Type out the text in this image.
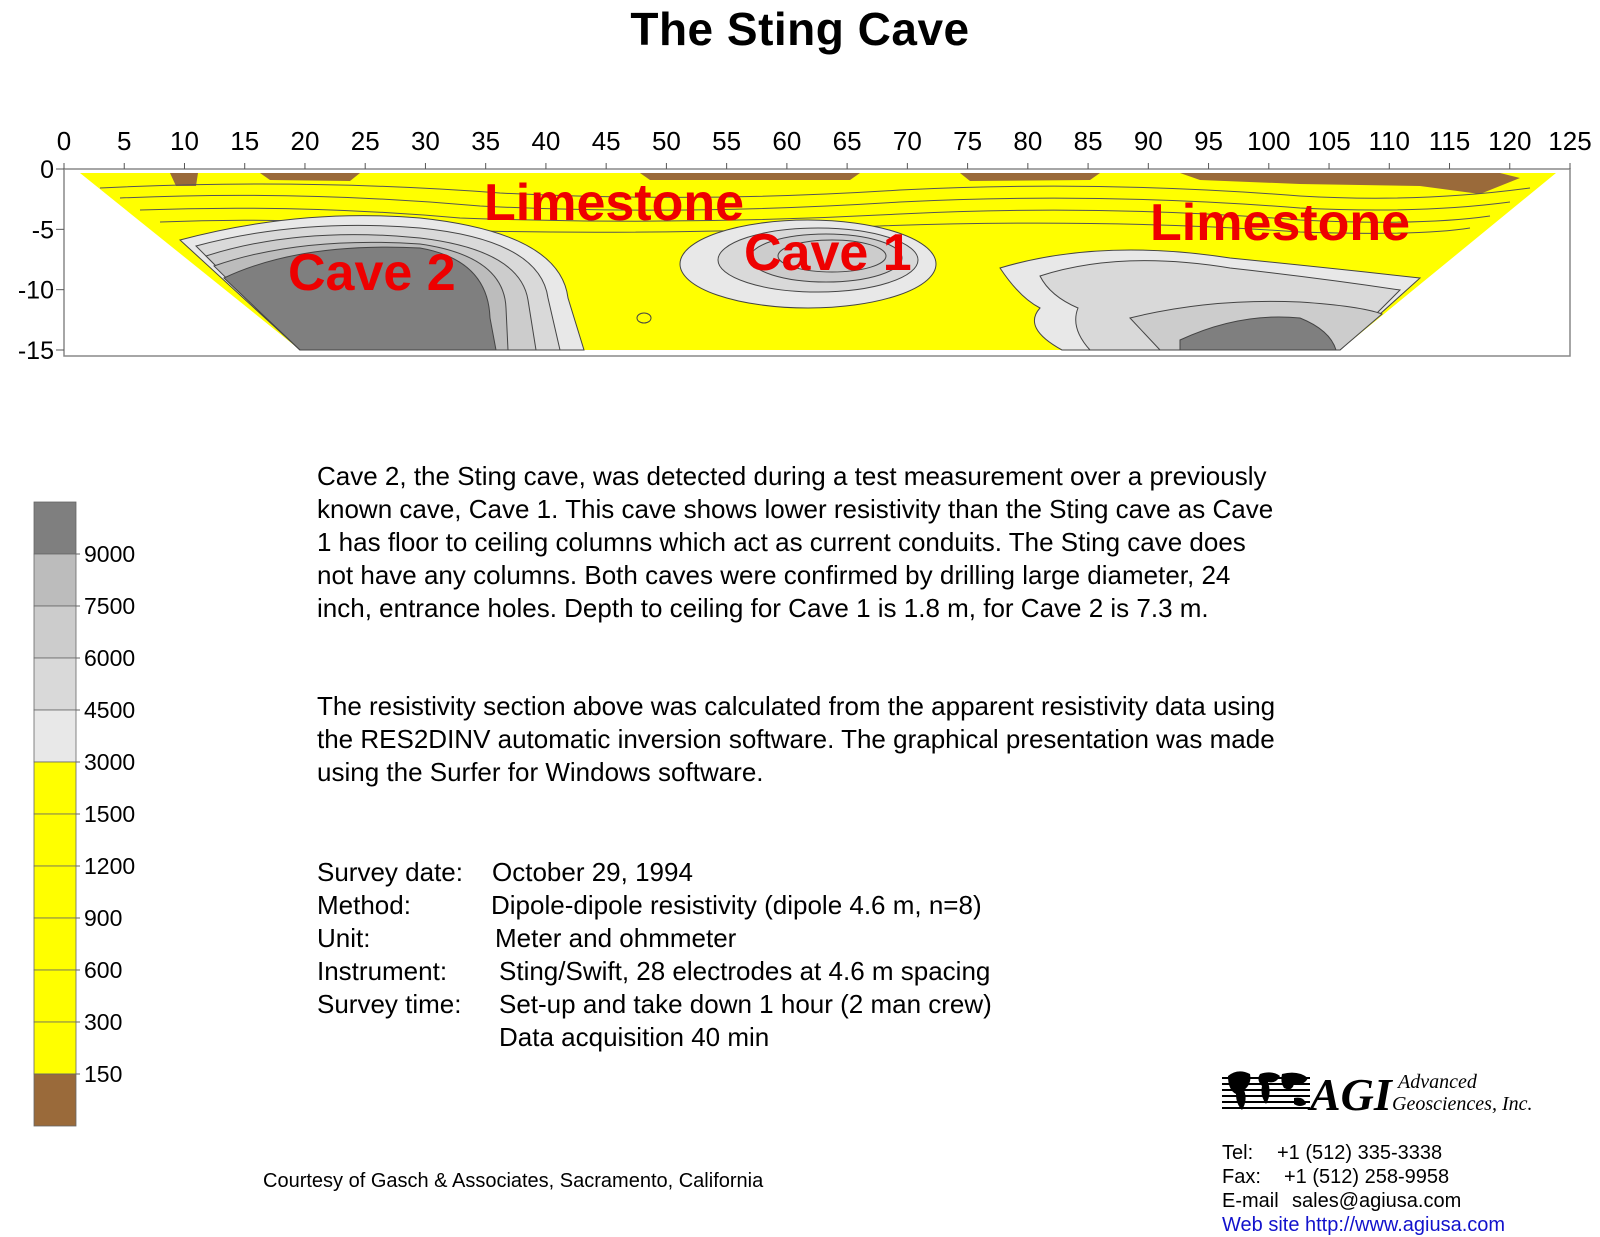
The Sting Cave
0 5 10 15 20 25 30 35 40 45 50 55 60 65 70 75 80 85 90 95 100 105 110 115 120 125
0
-5
-10
-15
Limestone	Limestone
Cave 1
Cave 2
9000
7500
6000
4500
3000
1500
1200
900
600
300
150

Cave 2, the Sting cave, was detected during a test measurement over a previously known cave, Cave 1. This cave shows lower resistivity than the Sting cave as Cave 1 has floor to ceiling columns which act as current conduits. The Sting cave does not have any columns. Both caves were confirmed by drilling large diameter, 24 inch, entrance holes. Depth to ceiling for Cave 1 is 1.8 m, for Cave 2 is 7.3 m.

The resistivity section above was calculated from the apparent resistivity data using the RES2DINV automatic inversion software. The graphical presentation was made using the Surfer for Windows software.

Survey date: October 29, 1994
Method:	Dipole-dipole resistivity (dipole 4.6 m, n=8)
Unit:	Meter and ohmmeter
Instrument: Sting/Swift, 28 electrodes at 4.6 m spacing
Survey time: Set-up and take down 1 hour (2 man crew)
Data acquisition 40 min
Courtesy of Gasch & Associates, Sacramento, California
AGI Advanced
Geosciences, Inc.
Tel: +1 (512) 335-3338
Fax: +1 (512) 258-9958
E-mail sales@agiusa.com
Web site http://www.agiusa.com
